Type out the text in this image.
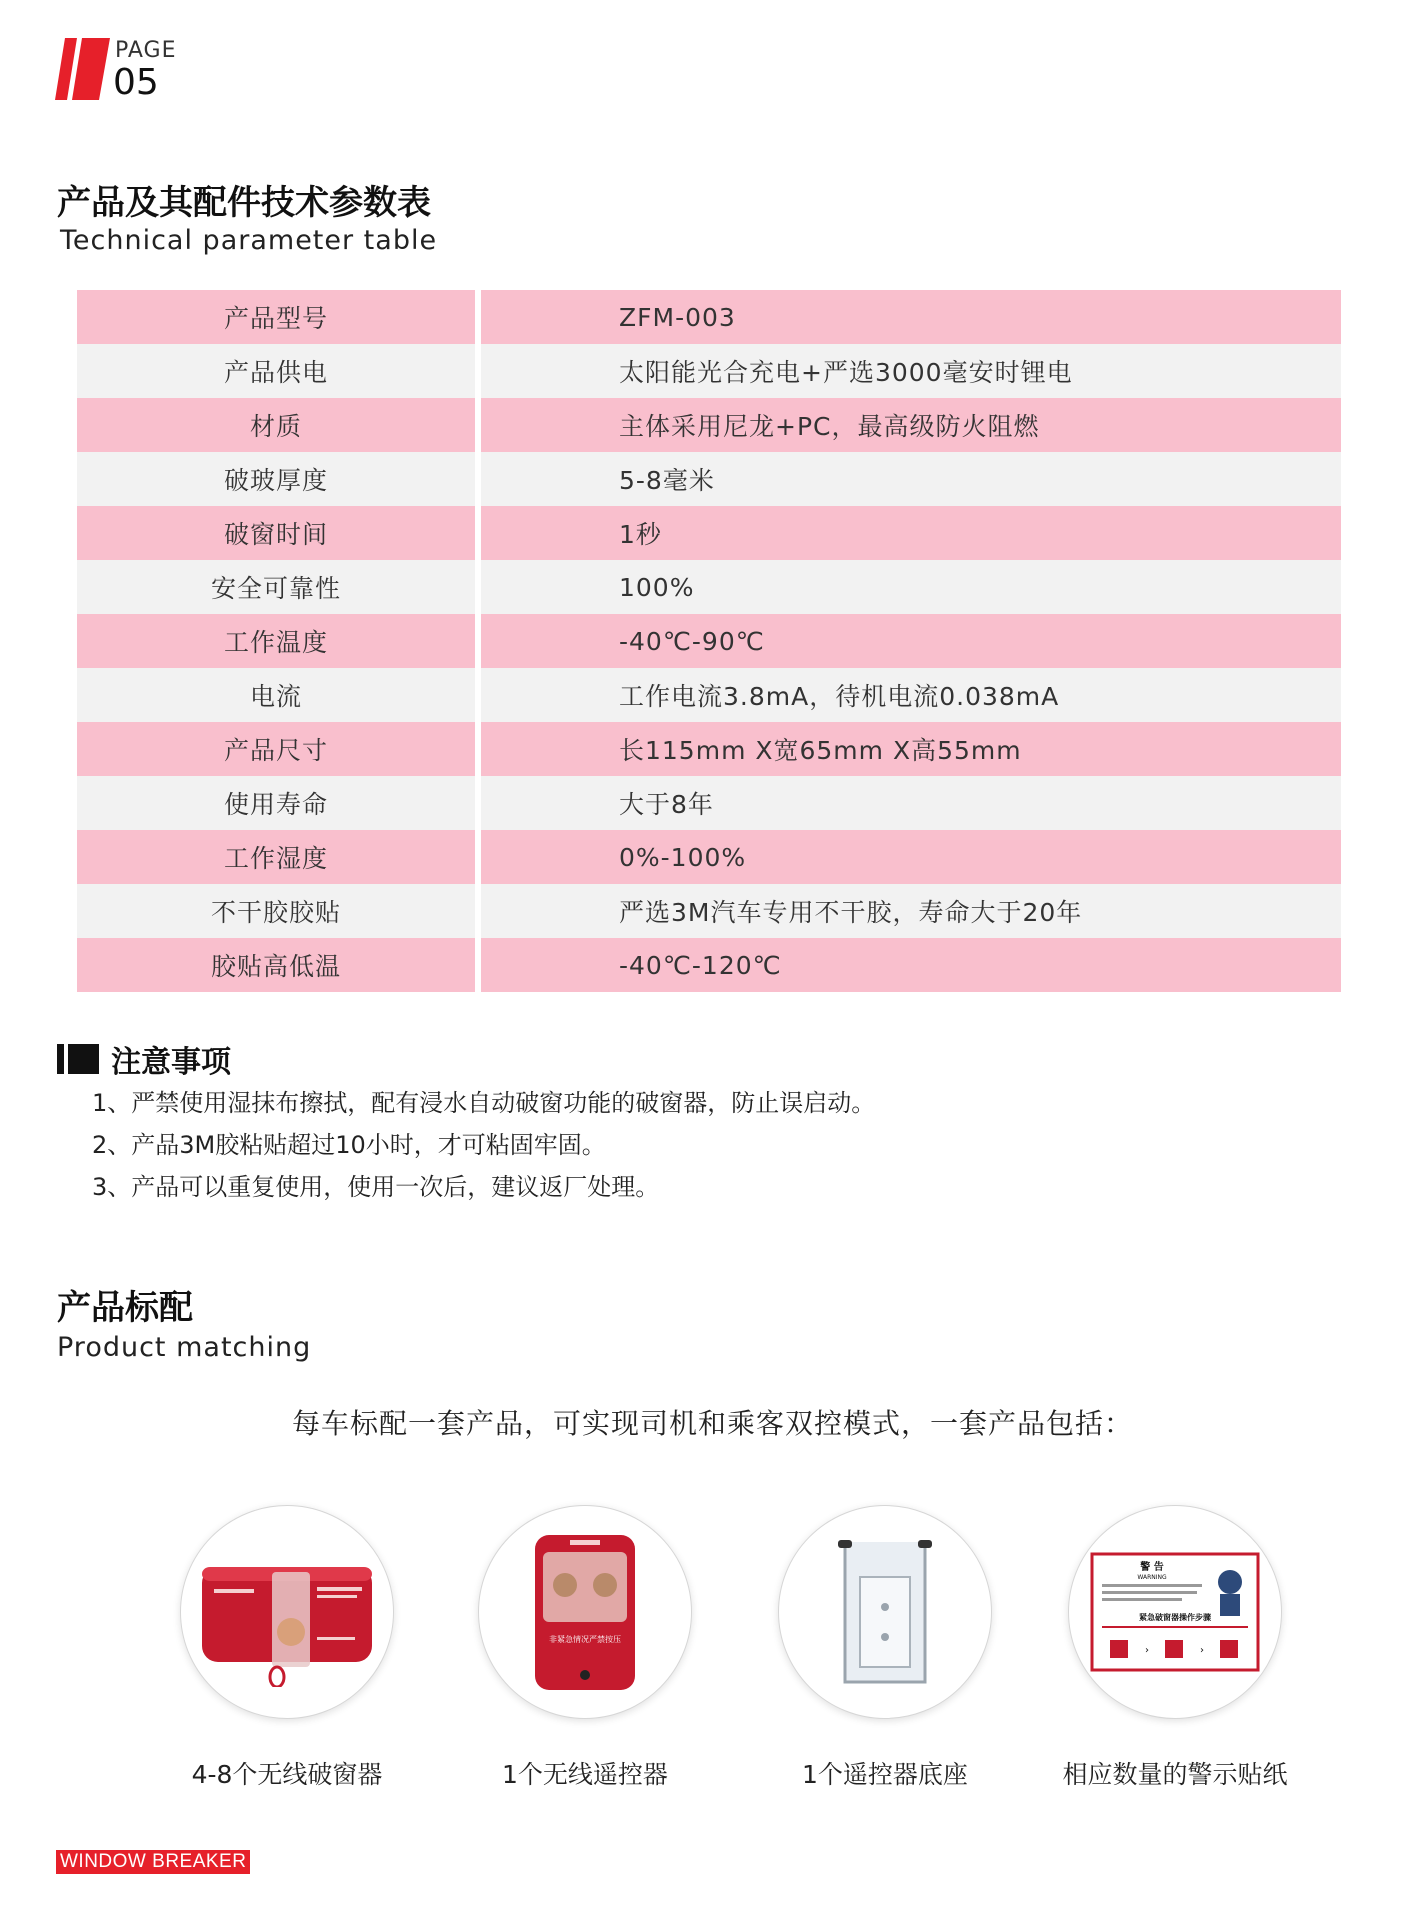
PAGE
05
产品及其配件技术参数表
Technical parameter table
产品型号	ZFM-003
产品供电	太阳能光合充电+严选3000毫安时锂电
材质	主体采用尼龙+PC，最高级防火阻燃
破玻厚度	5-8毫米
破窗时间	1秒
安全可靠性	100%
工作温度	-40℃-90℃
电流	工作电流3.8mA，待机电流0.038mA
产品尺寸	长115mm X宽65mm X高55mm
使用寿命	大于8年
工作湿度	0%-100%
不干胶胶贴	严选3M汽车专用不干胶，寿命大于20年
胶贴高低温	-40℃-120℃
注意事项
1、严禁使用湿抹布擦拭，配有浸水自动破窗功能的破窗器，防止误启动。
2、产品3M胶粘贴超过10小时，才可粘固牢固。
3、产品可以重复使用，使用一次后，建议返厂处理。
产品标配
Product matching
每车标配一套产品，可实现司机和乘客双控模式，一套产品包括：
4-8个无线破窗器
非紧急情况严禁按压
1个无线遥控器	1个遥控器底座
警 告
WARNING
紧急破窗器操作步骤
›	›
相应数量的警示贴纸
WINDOW BREAKER
